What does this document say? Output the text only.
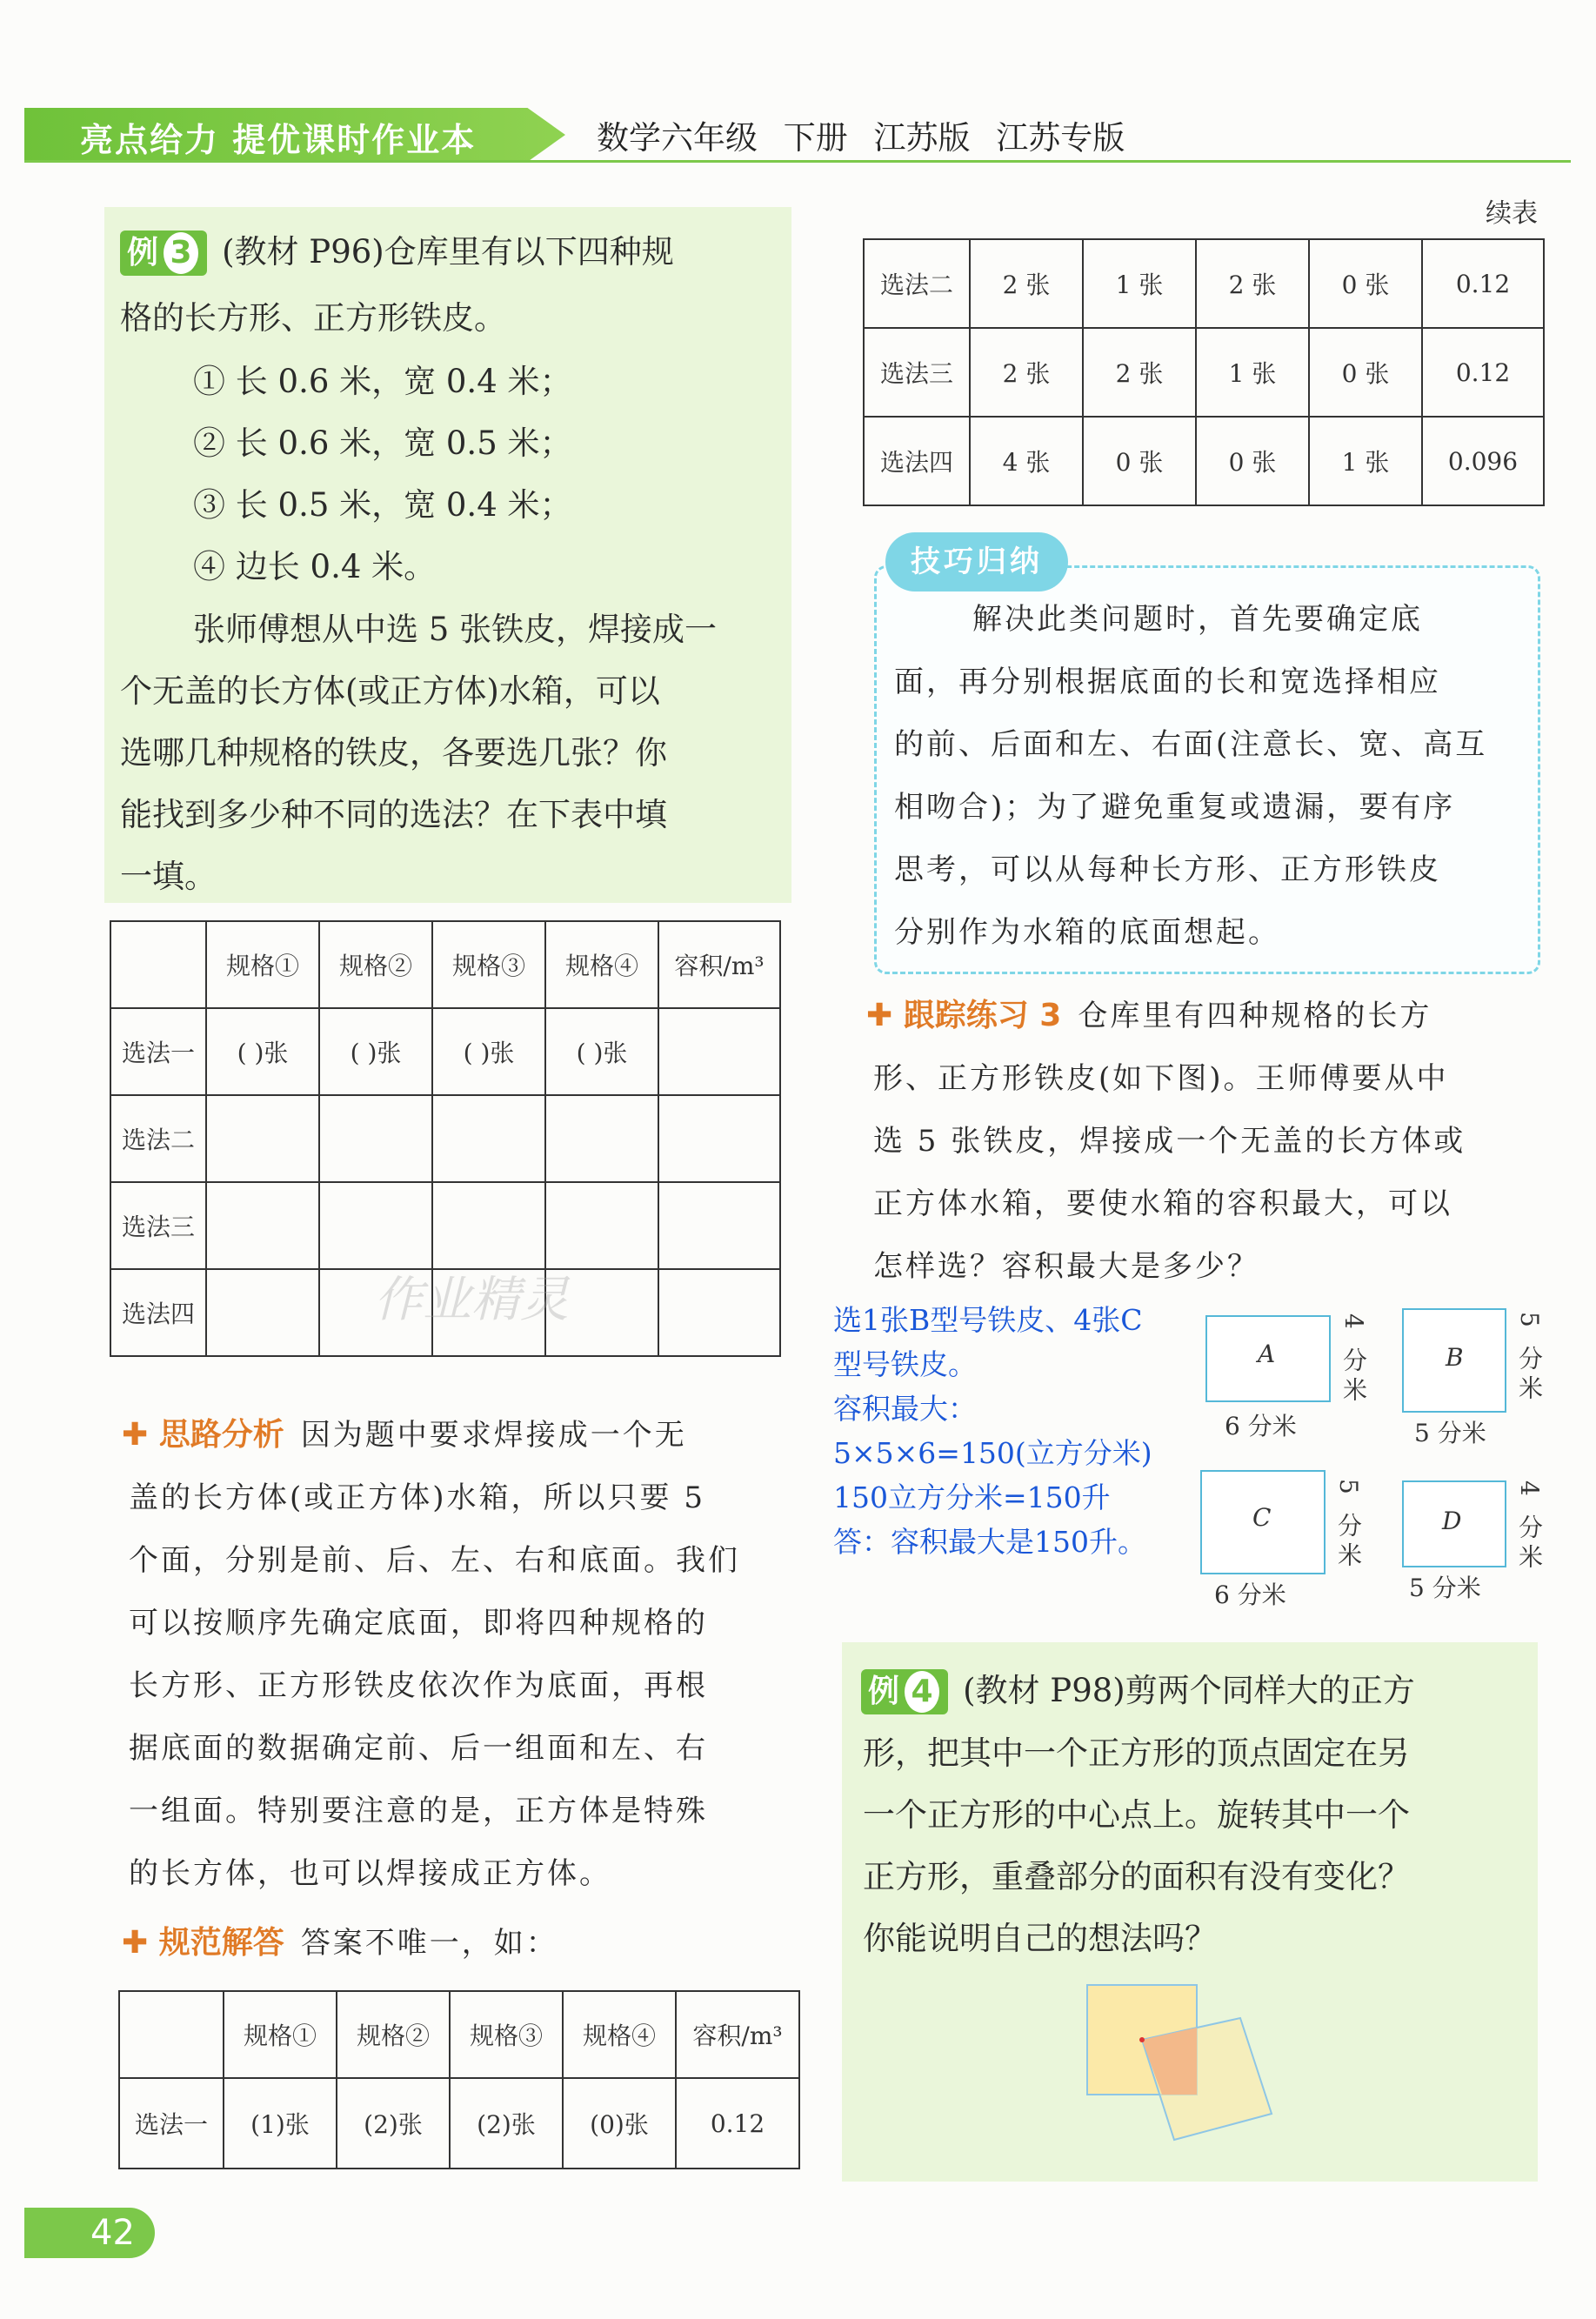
亮点给力 提优课时作业本	数学六年级 下册 江苏版 江苏专版
例 3 (教材 P96)仓库里有以下四种规
格的长方形、正方形铁皮。
① 长 0.6 米，宽 0.4 米；
② 长 0.6 米，宽 0.5 米；
③ 长 0.5 米，宽 0.4 米；
④ 边长 0.4 米。
张师傅想从中选 5 张铁皮，焊接成一
个无盖的长方体(或正方体)水箱，可以
选哪几种规格的铁皮，各要选几张？你
能找到多少种不同的选法？在下表中填
一填。
	规格①	规格②	规格③	规格④	容积/m³
选法一	( )张	( )张	( )张	( )张	
选法二					
选法三					
选法四						作业精灵
✚ 思路分析 因为题中要求焊接成一个无
盖的长方体(或正方体)水箱，所以只要 5
个面，分别是前、后、左、右和底面。我们
可以按顺序先确定底面，即将四种规格的
长方形、正方形铁皮依次作为底面，再根
据底面的数据确定前、后一组面和左、右
一组面。特别要注意的是，正方体是特殊
的长方体，也可以焊接成正方体。
✚ 规范解答 答案不唯一，如：
	规格①	规格②	规格③	规格④	容积/m³
选法一	(1)张	(2)张	(2)张	(0)张	0.12
续表
选法二	2 张	1 张	2 张	0 张	0.12
选法三	2 张	2 张	1 张	0 张	0.12
选法四	4 张	0 张	0 张	1 张	0.096
技巧归纳
解决此类问题时，首先要确定底
面，再分别根据底面的长和宽选择相应
的前、后面和左、右面(注意长、宽、高互
相吻合)；为了避免重复或遗漏，要有序
思考，可以从每种长方形、正方形铁皮
分别作为水箱的底面想起。
✚ 跟踪练习 3 仓库里有四种规格的长方
形、正方形铁皮(如下图)。王师傅要从中
选 5 张铁皮，焊接成一个无盖的长方体或
正方体水箱，要使水箱的容积最大，可以
怎样选？容积最大是多少？
选1张B型号铁皮、4张C
型号铁皮。
容积最大：
5×5×6=150(立方分米)
150立方分米=150升
答：容积最大是150升。
A
6 分米
4 分米	B
5 分米
5 分米
C
6 分米
5 分米	D
5 分米
4 分米
例 4 (教材 P98)剪两个同样大的正方
形，把其中一个正方形的顶点固定在另
一个正方形的中心点上。旋转其中一个
正方形，重叠部分的面积有没有变化？
你能说明自己的想法吗？
42
